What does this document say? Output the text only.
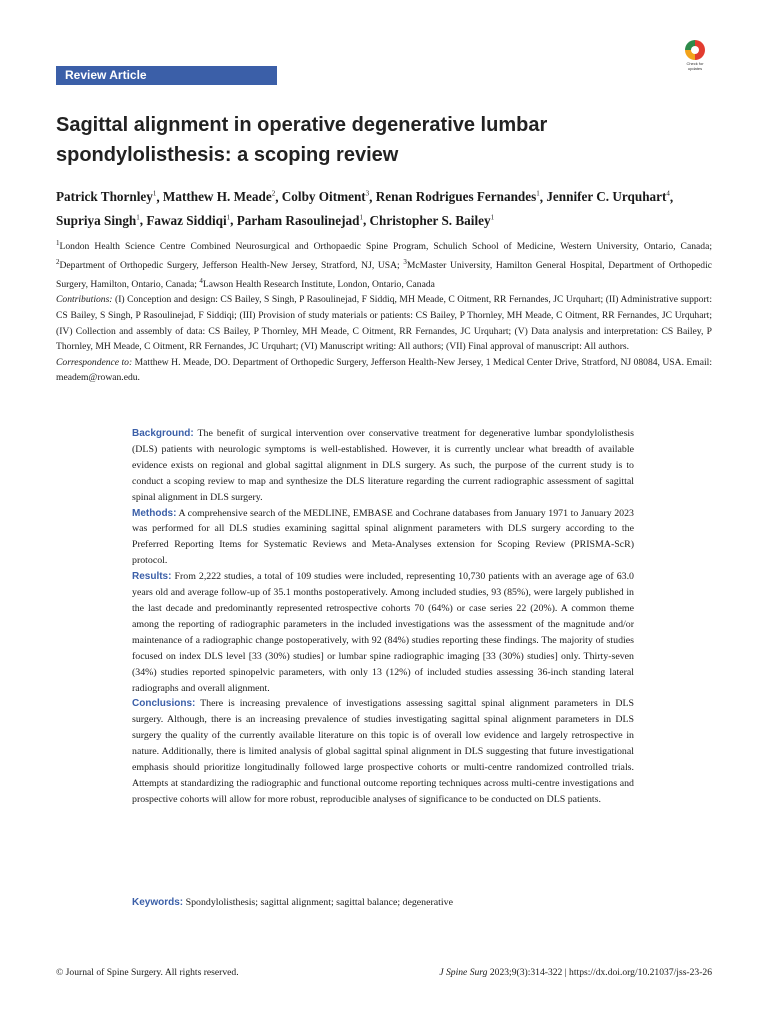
Review Article
Check for updates
Sagittal alignment in operative degenerative lumbar
spondylolisthesis: a scoping review
Patrick Thornley$^1$, Matthew H. Meade$^2$, Colby Oitment$^3$, Renan Rodrigues Fernandes$^1$, Jennifer C. Urquhart$^4$, Supriya Singh$^1$, Fawaz Siddiqi$^1$, Parham Rasoulinejad$^1$, Christopher S. Bailey$^1$

$^1$London Health Science Centre Combined Neurosurgical and Orthopaedic Spine Program, Schulich School of Medicine, Western University, Ontario, Canada; $^2$Department of Orthopedic Surgery, Jefferson Health-New Jersey, Stratford, NJ, USA; $^3$McMaster University, Hamilton General Hospital, Department of Orthopedic Surgery, Hamilton, Ontario, Canada; $^4$Lawson Health Research Institute, London, Ontario, Canada

Contributions: (I) Conception and design: CS Bailey, S Singh, P Rasoulinejad, F Siddiq, MH Meade, C Oitment, RR Fernandes, JC Urquhart; (II) Administrative support: CS Bailey, S Singh, P Rasoulinejad, F Siddiqi; (III) Provision of study materials or patients: CS Bailey, P Thornley, MH Meade, C Oitment, RR Fernandes, JC Urquhart; (IV) Collection and assembly of data: CS Bailey, P Thornley, MH Meade, C Oitment, RR Fernandes, JC Urquhart; (V) Data analysis and interpretation: CS Bailey, P Thornley, MH Meade, C Oitment, RR Fernandes, JC Urquhart; (VI) Manuscript writing: All authors; (VII) Final approval of manuscript: All authors.

Correspondence to: Matthew H. Meade, DO. Department of Orthopedic Surgery, Jefferson Health-New Jersey, 1 Medical Center Drive, Stratford, NJ 08084, USA. Email: meadem@rowan.edu.

Background: The benefit of surgical intervention over conservative treatment for degenerative lumbar spondylolisthesis (DLS) patients with neurologic symptoms is well-established. However, it is currently unclear what breadth of available evidence exists on regional and global sagittal alignment in DLS surgery. As such, the purpose of the current study is to conduct a scoping review to map and synthesize the DLS literature regarding the current radiographic assessment of sagittal spinal alignment in DLS surgery.

Methods: A comprehensive search of the MEDLINE, EMBASE and Cochrane databases from January 1971 to January 2023 was performed for all DLS studies examining sagittal spinal alignment parameters with DLS surgery according to the Preferred Reporting Items for Systematic Reviews and Meta-Analyses extension for Scoping Review (PRISMA-ScR) protocol.

Results: From 2,222 studies, a total of 109 studies were included, representing 10,730 patients with an average age of 63.0 years old and average follow-up of 35.1 months postoperatively. Among included studies, 93 (85%), were largely published in the last decade and predominantly represented retrospective cohorts 70 (64%) or case series 22 (20%). A common theme among the reporting of radiographic parameters in the included investigations was the assessment of the magnitude and/or maintenance of a radiographic change postoperatively, with 92 (84%) studies reporting these findings. The majority of studies focused on index DLS level [33 (30%) studies] or lumbar spine radiographic imaging [33 (30%) studies] only. Thirty-seven (34%) studies reported spinopelvic parameters, with only 13 (12%) of included studies assessing 36-inch standing lateral radiographs and overall alignment.

Conclusions: There is increasing prevalence of investigations assessing sagittal spinal alignment parameters in DLS surgery. Although, there is an increasing prevalence of studies investigating sagittal spinal alignment parameters in DLS surgery the quality of the currently available literature on this topic is of overall low evidence and largely retrospective in nature. Additionally, there is limited analysis of global sagittal spinal alignment in DLS suggesting that future investigational emphasis should prioritize longitudinally followed large prospective cohorts or multi-centre randomized controlled trials. Attempts at standardizing the radiographic and functional outcome reporting techniques across multi-centre investigations and prospective cohorts will allow for more robust, reproducible analyses of significance to be conducted on DLS patients.

Keywords: Spondylolisthesis; sagittal alignment; sagittal balance; degenerative
© Journal of Spine Surgery. All rights reserved.	J Spine Surg 2023;9(3):314-322 | https://dx.doi.org/10.21037/jss-23-26
